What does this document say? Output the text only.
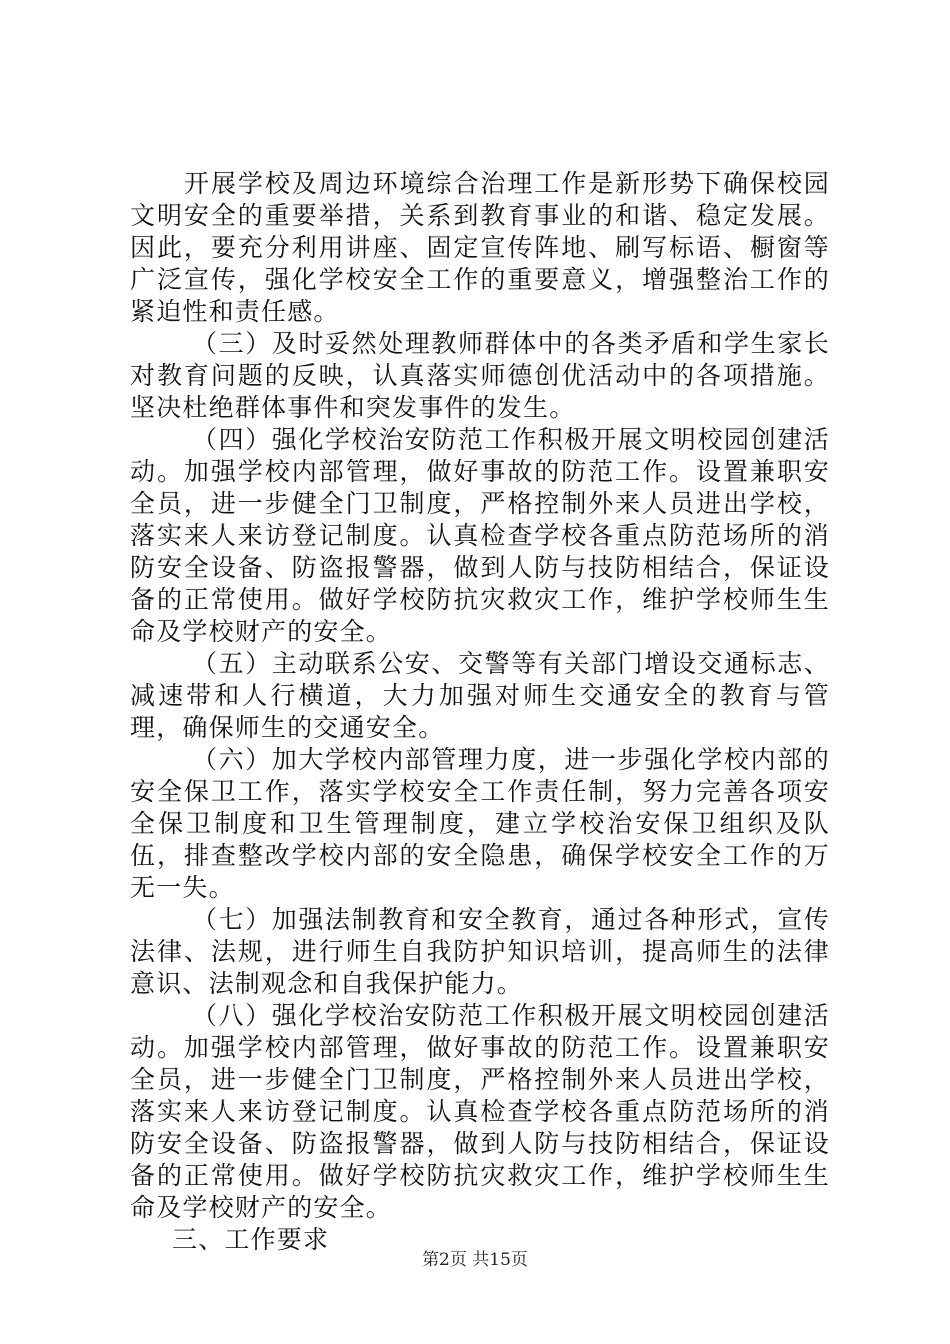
开展学校及周边环境综合治理工作是新形势下确保校园文明安全的重要举措，关系到教育事业的和谐、稳定发展。因此，要充分利用讲座、固定宣传阵地、刷写标语、橱窗等广泛宣传，强化学校安全工作的重要意义，增强整治工作的紧迫性和责任感。

（三）及时妥然处理教师群体中的各类矛盾和学生家长对教育问题的反映，认真落实师德创优活动中的各项措施。坚决杜绝群体事件和突发事件的发生。

（四）强化学校治安防范工作积极开展文明校园创建活动。加强学校内部管理，做好事故的防范工作。设置兼职安全员，进一步健全门卫制度，严格控制外来人员进出学校，落实来人来访登记制度。认真检查学校各重点防范场所的消防安全设备、防盗报警器，做到人防与技防相结合，保证设备的正常使用。做好学校防抗灾救灾工作，维护学校师生生命及学校财产的安全。

（五）主动联系公安、交警等有关部门增设交通标志、减速带和人行横道，大力加强对师生交通安全的教育与管理，确保师生的交通安全。

（六）加大学校内部管理力度，进一步强化学校内部的安全保卫工作，落实学校安全工作责任制，努力完善各项安全保卫制度和卫生管理制度，建立学校治安保卫组织及队伍，排查整改学校内部的安全隐患，确保学校安全工作的万无一失。

（七）加强法制教育和安全教育，通过各种形式，宣传法律、法规，进行师生自我防护知识培训，提高师生的法律意识、法制观念和自我保护能力。

（八）强化学校治安防范工作积极开展文明校园创建活动。加强学校内部管理，做好事故的防范工作。设置兼职安全员，进一步健全门卫制度，严格控制外来人员进出学校，落实来人来访登记制度。认真检查学校各重点防范场所的消防安全设备、防盗报警器，做到人防与技防相结合，保证设备的正常使用。做好学校防抗灾救灾工作，维护学校师生生命及学校财产的安全。

三、工作要求

第2页 共15页
